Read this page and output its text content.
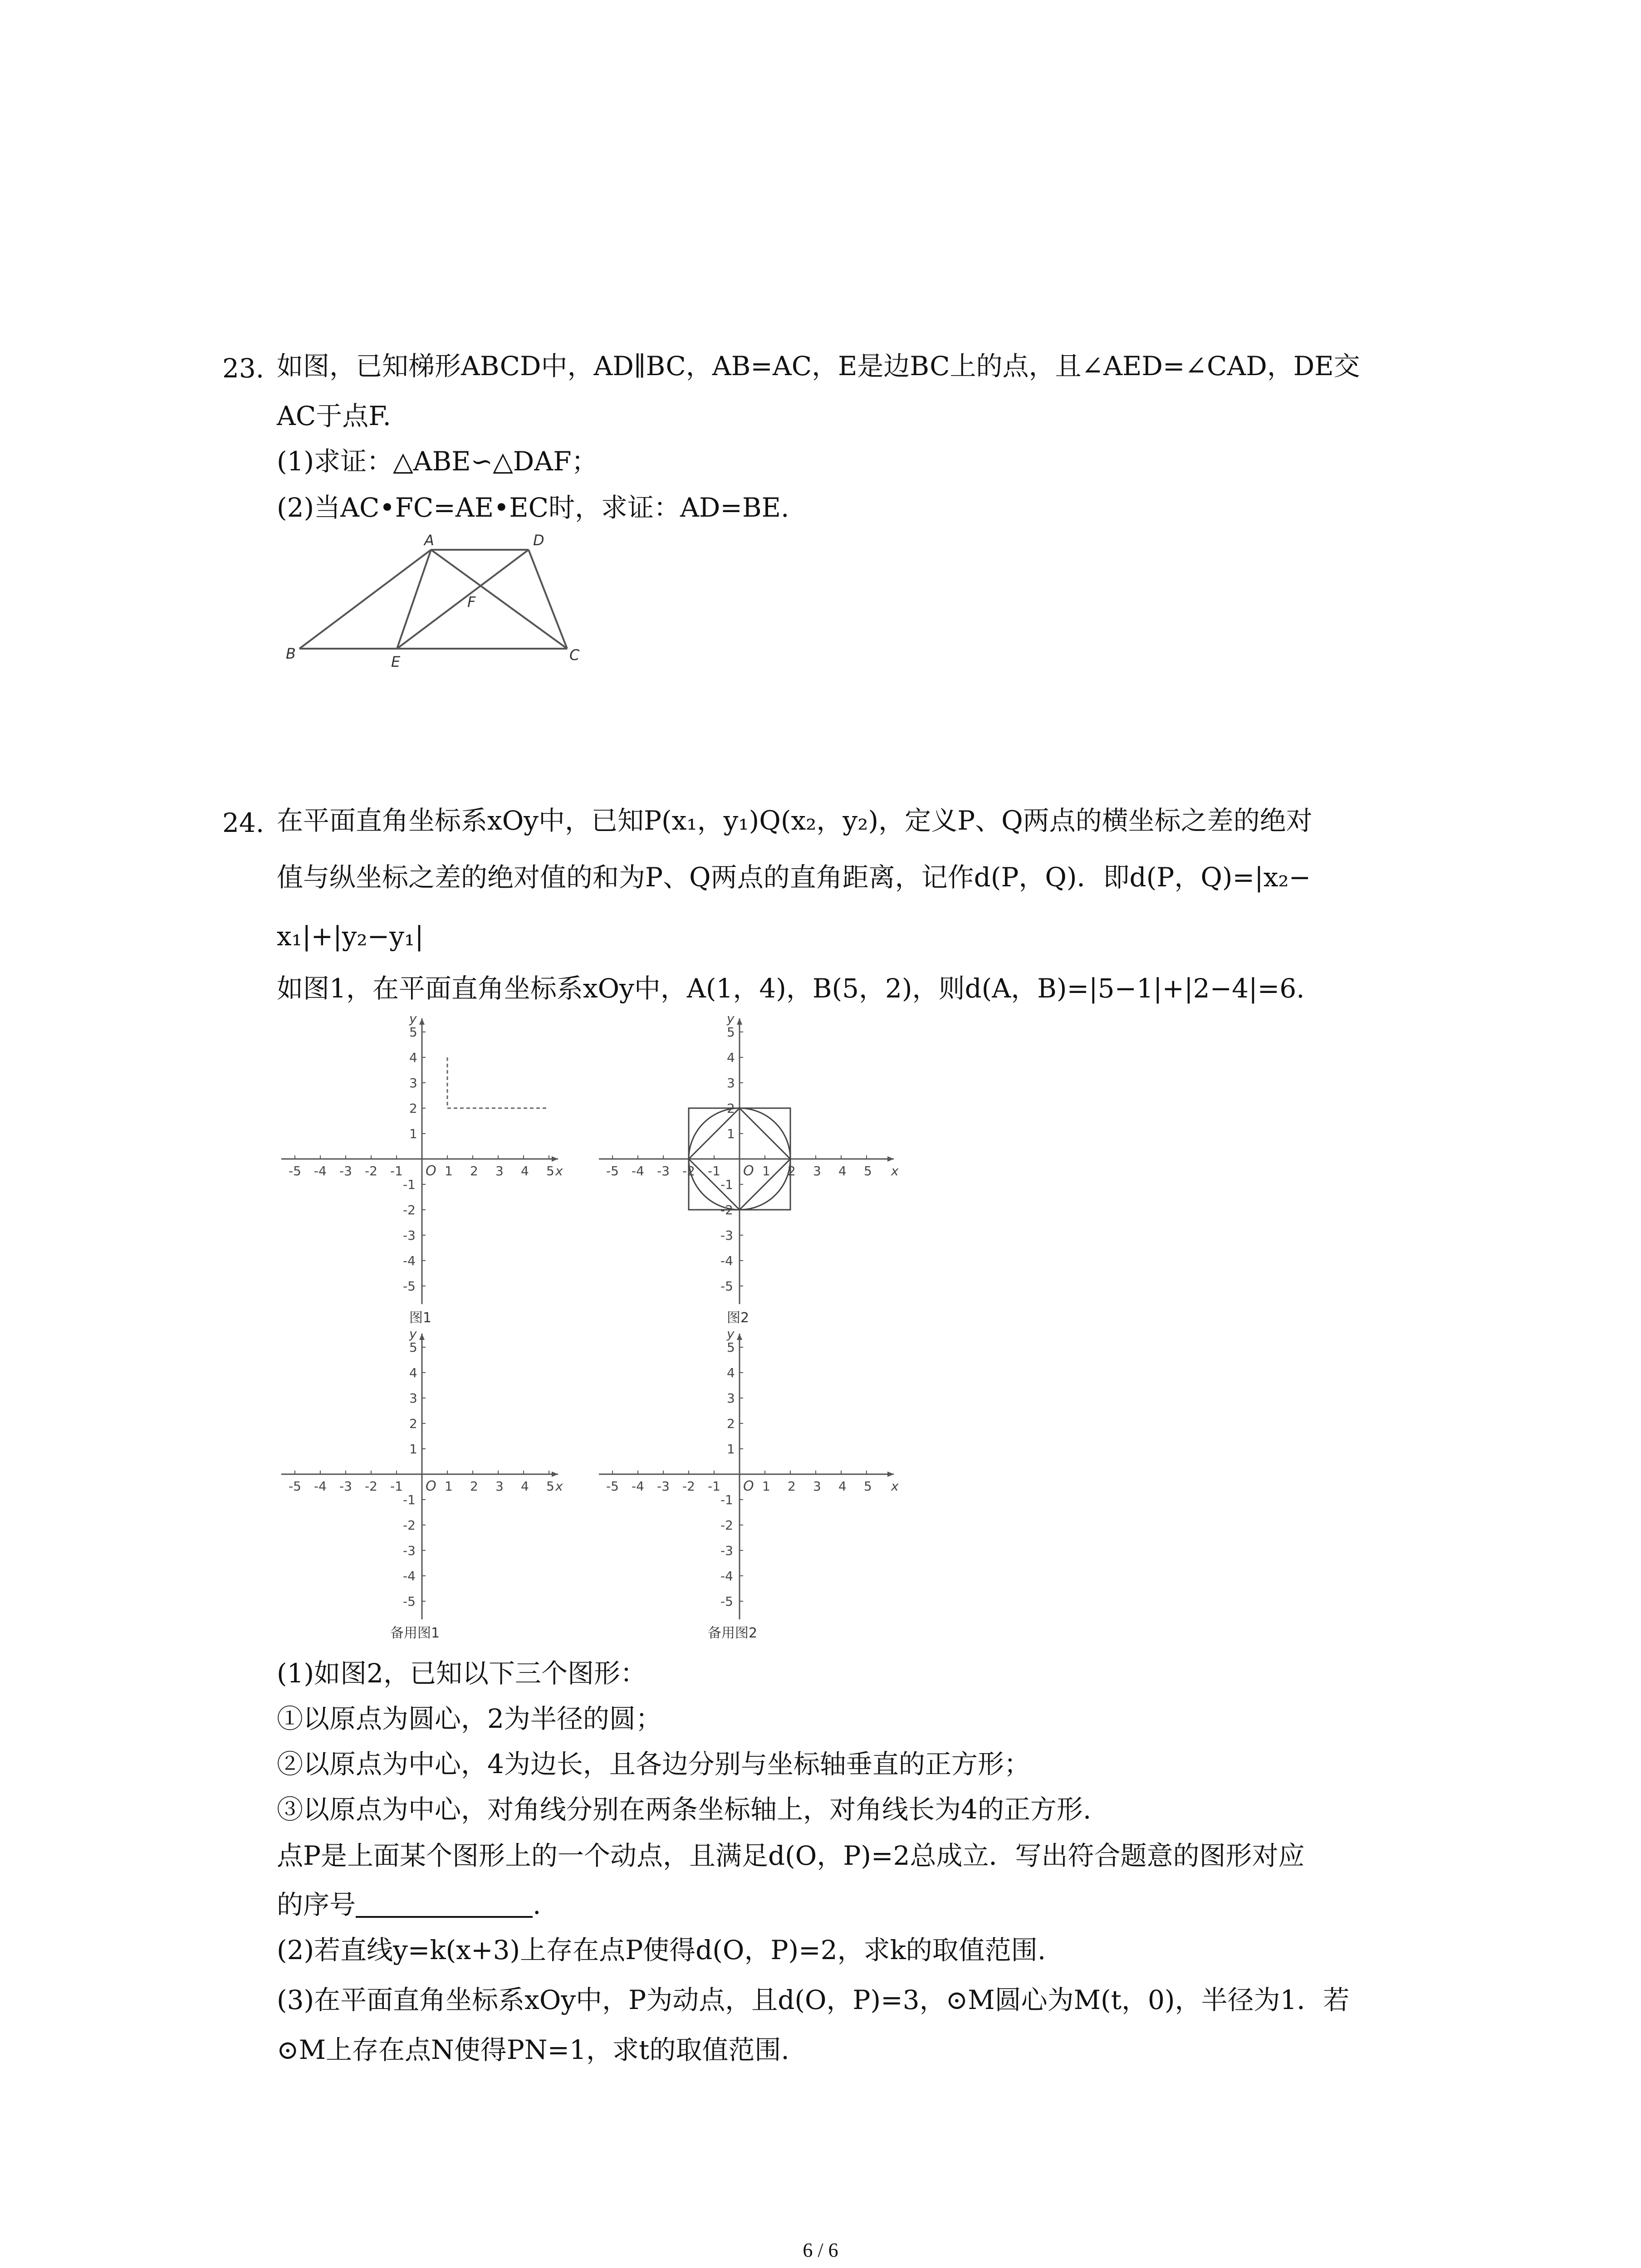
23. 如图，已知梯形ABCD中，AD∥BC，AB=AC，E是边BC上的点，且∠AED=∠CAD，DE交
AC于点F.
(1)求证：△ABE∽△DAF；
(2)当AC•FC=AE•EC时，求证：AD=BE.
A	D
B	E	C
F
24. 在平面直角坐标系xOy中，已知P(x₁，y₁)Q(x₂，y₂)，定义P、Q两点的横坐标之差的绝对
值与纵坐标之差的绝对值的和为P、Q两点的直角距离，记作d(P，Q)．即d(P，Q)=|x₂−
x₁|+|y₂−y₁|
如图1，在平面直角坐标系xOy中，A(1，4)，B(5，2)，则d(A，B)=|5−1|+|2−4|=6.
-5 -4 -3 -2 -1	1 2 3 4 5
5
4
3
2
1
-1
-2
-3
-4
-5
O	x
y
图1
-5 -4 -3 -2 -1	1 2 3 4 5
5
4
3
2
1
-1
-2
-3
-4
-5
O	x
y
图2
-5 -4 -3 -2 -1	1 2 3 4 5
5
4
3
2
1
-1
-2
-3
-4
-5
O	x
y
备用图1
-5 -4 -3 -2 -1	1 2 3 4 5
5
4
3
2
1
-1
-2
-3
-4
-5
O	x
y
备用图2
(1)如图2，已知以下三个图形：
①以原点为圆心，2为半径的圆；
②以原点为中心，4为边长，且各边分别与坐标轴垂直的正方形；
③以原点为中心，对角线分别在两条坐标轴上，对角线长为4的正方形.
点P是上面某个图形上的一个动点，且满足d(O，P)=2总成立．写出符合题意的图形对应
的序号	.
(2)若直线y=k(x+3)上存在点P使得d(O，P)=2，求k的取值范围.
(3)在平面直角坐标系xOy中，P为动点，且d(O，P)=3，⊙M圆心为M(t，0)，半径为1．若
⊙M上存在点N使得PN=1，求t的取值范围.
6 / 6
